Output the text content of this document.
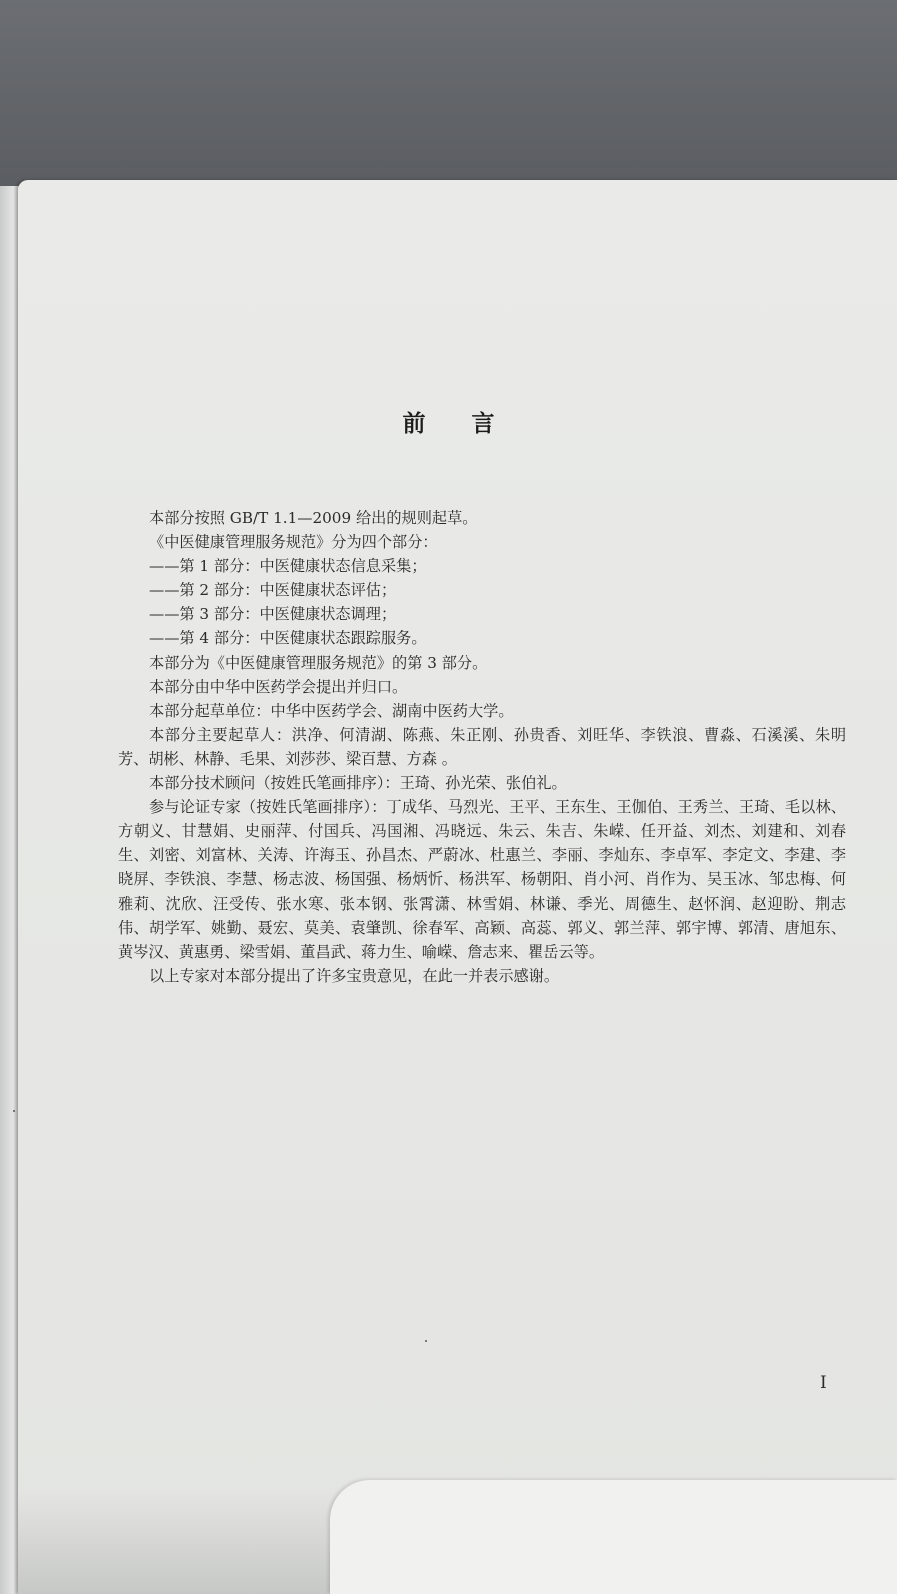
前言

本部分按照 GB/T 1.1—2009 给出的规则起草。

《中医健康管理服务规范》分为四个部分：

——第 1 部分：中医健康状态信息采集；

——第 2 部分：中医健康状态评估；

——第 3 部分：中医健康状态调理；

——第 4 部分：中医健康状态跟踪服务。

本部分为《中医健康管理服务规范》的第 3 部分。

本部分由中华中医药学会提出并归口。

本部分起草单位：中华中医药学会、湖南中医药大学。

本部分主要起草人：洪净、何清湖、陈燕、朱正刚、孙贵香、刘旺华、李铁浪、曹淼、石溪溪、朱明芳、胡彬、林静、毛果、刘莎莎、梁百慧、方森 。

本部分技术顾问（按姓氏笔画排序）：王琦、孙光荣、张伯礼。

参与论证专家（按姓氏笔画排序）：丁成华、马烈光、王平、王东生、王伽伯、王秀兰、王琦、毛以林、方朝义、甘慧娟、史丽萍、付国兵、冯国湘、冯晓远、朱云、朱吉、朱嵘、任开益、刘杰、刘建和、刘春生、刘密、刘富林、关涛、许海玉、孙昌杰、严蔚冰、杜惠兰、李丽、李灿东、李卓军、李定文、李建、李晓屏、李铁浪、李慧、杨志波、杨国强、杨炳忻、杨洪军、杨朝阳、肖小河、肖作为、吴玉冰、邹忠梅、何雅莉、沈欣、汪受传、张水寒、张本钢、张霄潇、林雪娟、林谦、季光、周德生、赵怀润、赵迎盼、荆志伟、胡学军、姚勤、聂宏、莫美、袁肇凯、徐春军、高颖、高蕊、郭义、郭兰萍、郭宇博、郭清、唐旭东、黄岑汉、黄惠勇、梁雪娟、董昌武、蒋力生、喻嵘、詹志来、瞿岳云等。

以上专家对本部分提出了许多宝贵意见，在此一并表示感谢。

I
